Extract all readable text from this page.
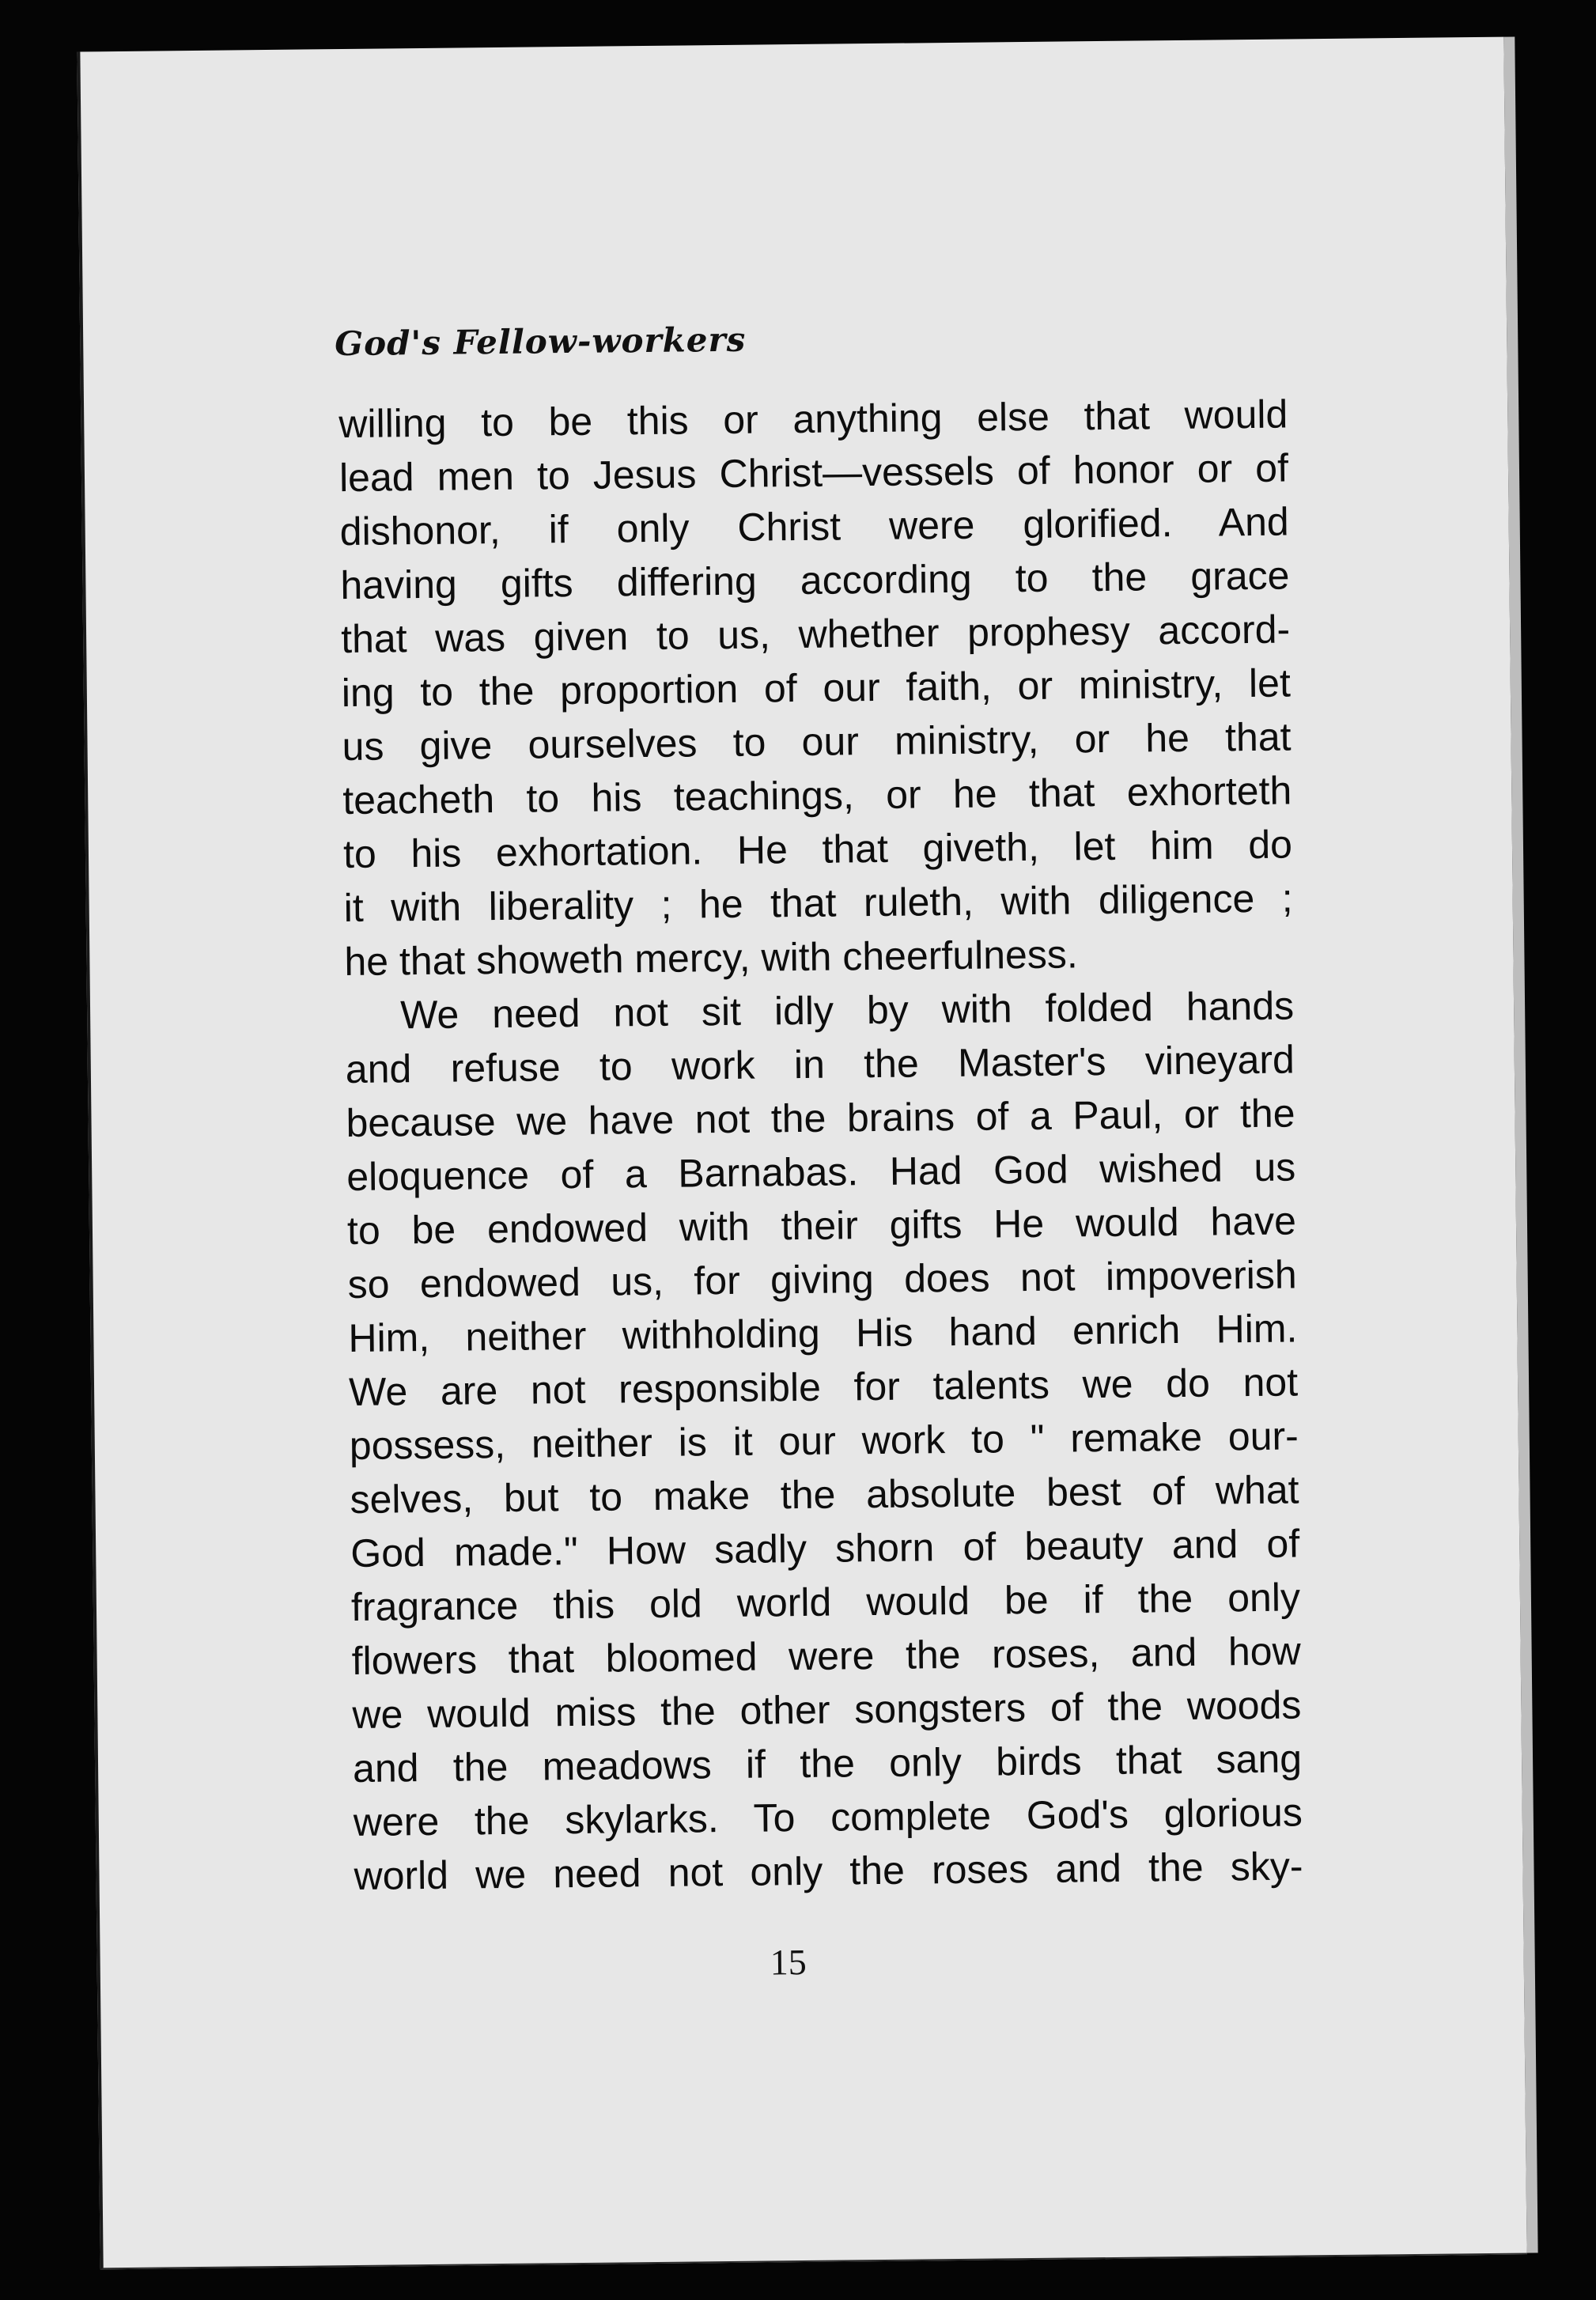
God's Fellow-workers
willing to be this or anything else that would
lead men to Jesus Christ—vessels of honor or of
dishonor, if only Christ were glorified. And
having gifts differing according to the grace
that was given to us, whether prophesy accord-
ing to the proportion of our faith, or ministry, let
us give ourselves to our ministry, or he that
teacheth to his teachings, or he that exhorteth
to his exhortation. He that giveth, let him do
it with liberality ; he that ruleth, with diligence ;
he that showeth mercy, with cheerfulness.
We need not sit idly by with folded hands
and refuse to work in the Master's vineyard
because we have not the brains of a Paul, or the
eloquence of a Barnabas. Had God wished us
to be endowed with their gifts He would have
so endowed us, for giving does not impoverish
Him, neither withholding His hand enrich Him.
We are not responsible for talents we do not
possess, neither is it our work to " remake our-
selves, but to make the absolute best of what
God made." How sadly shorn of beauty and of
fragrance this old world would be if the only
flowers that bloomed were the roses, and how
we would miss the other songsters of the woods
and the meadows if the only birds that sang
were the skylarks. To complete God's glorious
world we need not only the roses and the sky-
15
